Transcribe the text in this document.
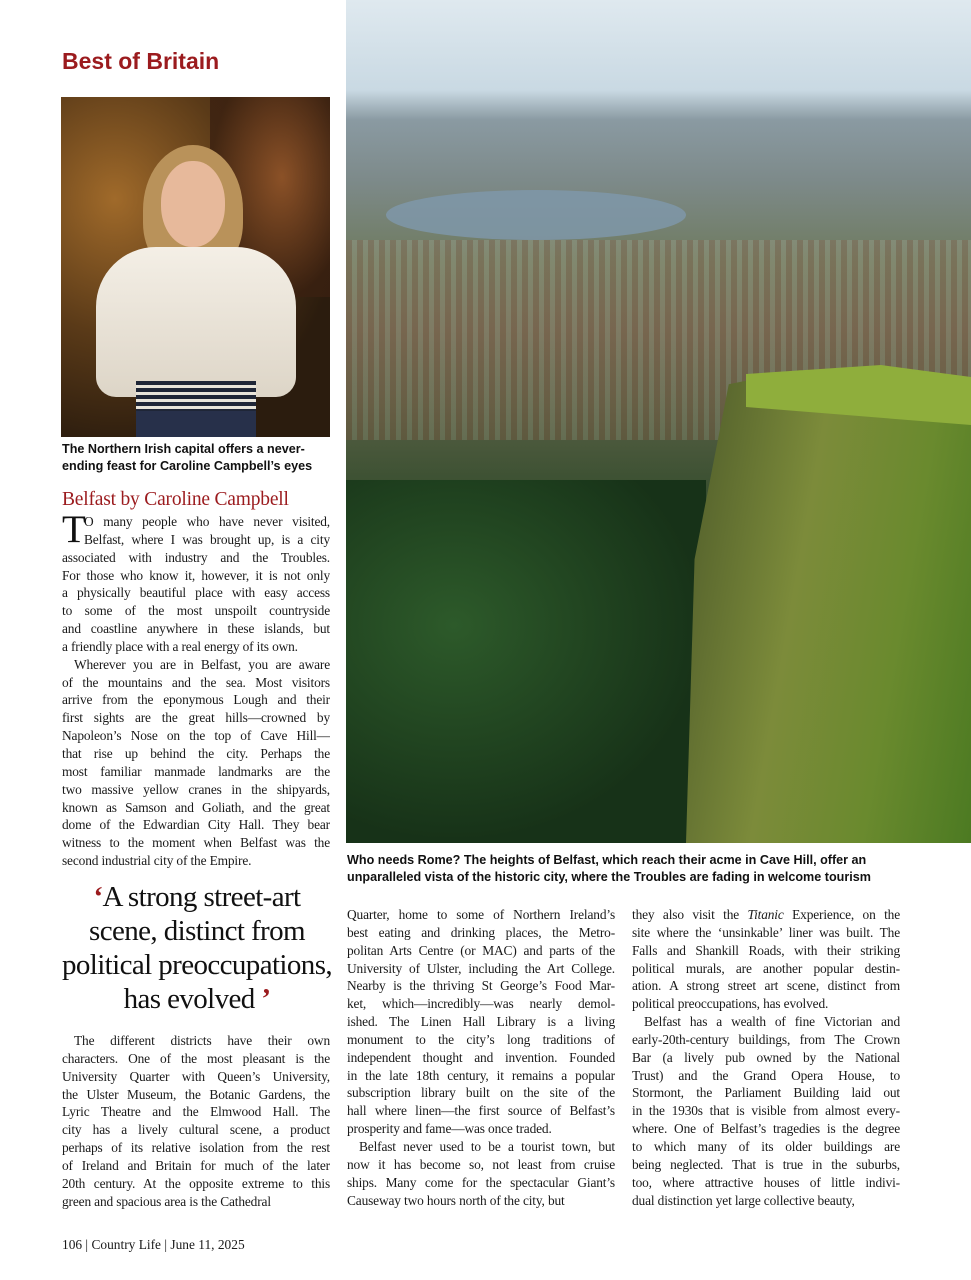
Best of Britain
The Northern Irish capital offers a never-
ending feast for Caroline Campbell’s eyes
Belfast by Caroline Campbell
T
O many people who have never visited,
Belfast, where I was brought up, is a city
associated with industry and the Troubles.
For those who know it, however, it is not only
a physically beautiful place with easy access
to some of the most unspoilt countryside
and coastline anywhere in these islands, but
a friendly place with a real energy of its own.
Wherever you are in Belfast, you are aware
of the mountains and the sea. Most visitors
arrive from the eponymous Lough and their
first sights are the great hills—crowned by
Napoleon’s Nose on the top of Cave Hill—
that rise up behind the city. Perhaps the
most familiar manmade landmarks are the
two massive yellow cranes in the shipyards,
known as Samson and Goliath, and the great
dome of the Edwardian City Hall. They bear
witness to the moment when Belfast was the
second industrial city of the Empire.
‘A strong street-art
scene, distinct from
political preoccupations,
has evolved ’
The different districts have their own
characters. One of the most pleasant is the
University Quarter with Queen’s University,
the Ulster Museum, the Botanic Gardens, the
Lyric Theatre and the Elmwood Hall. The
city has a lively cultural scene, a product
perhaps of its relative isolation from the rest
of Ireland and Britain for much of the later
20th century. At the opposite extreme to this
green and spacious area is the Cathedral
Who needs Rome? The heights of Belfast, which reach their acme in Cave Hill, offer an
unparalleled vista of the historic city, where the Troubles are fading in welcome tourism
Quarter, home to some of Northern Ireland’s
best eating and drinking places, the Metro-
politan Arts Centre (or MAC) and parts of the
University of Ulster, including the Art College.
Nearby is the thriving St George’s Food Mar-
ket, which—incredibly—was nearly demol-
ished. The Linen Hall Library is a living
monument to the city’s long traditions of
independent thought and invention. Founded
in the late 18th century, it remains a popular
subscription library built on the site of the
hall where linen—the first source of Belfast’s
prosperity and fame—was once traded.
Belfast never used to be a tourist town, but
now it has become so, not least from cruise
ships. Many come for the spectacular Giant’s
Causeway two hours north of the city, but
they also visit the Titanic Experience, on the
site where the ‘unsinkable’ liner was built. The
Falls and Shankill Roads, with their striking
political murals, are another popular destin-
ation. A strong street art scene, distinct from
political preoccupations, has evolved.
Belfast has a wealth of fine Victorian and
early-20th-century buildings, from The Crown
Bar (a lively pub owned by the National
Trust) and the Grand Opera House, to
Stormont, the Parliament Building laid out
in the 1930s that is visible from almost every-
where. One of Belfast’s tragedies is the degree
to which many of its older buildings are
being neglected. That is true in the suburbs,
too, where attractive houses of little indivi-
dual distinction yet large collective beauty,
106 | Country Life | June 11, 2025
